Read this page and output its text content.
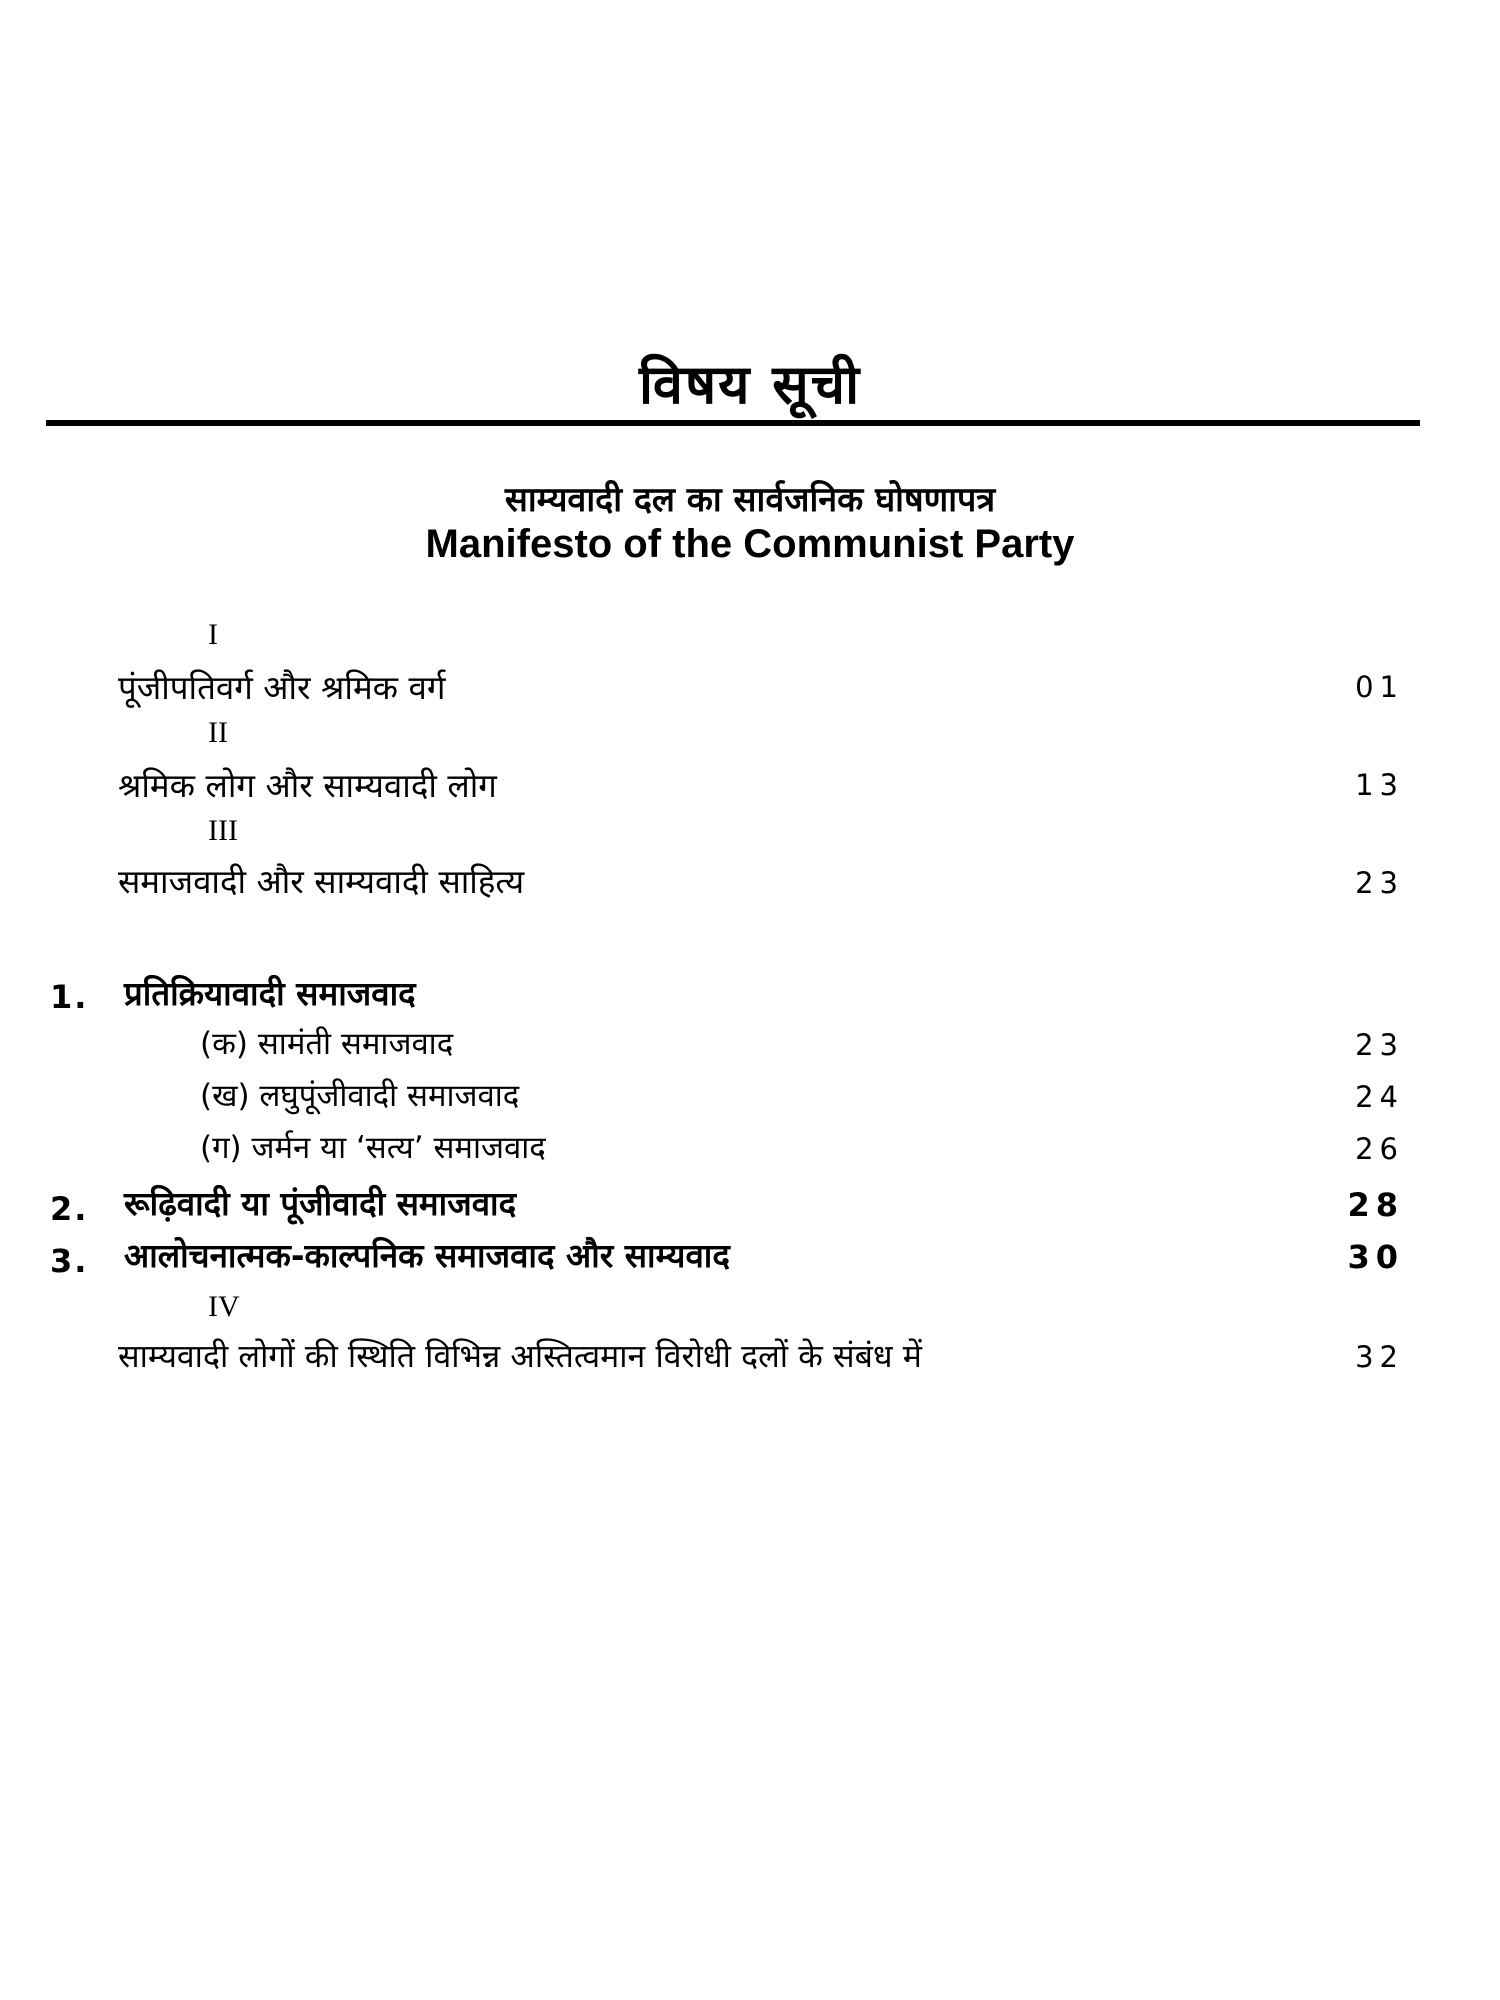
विषय सूची
साम्यवादी दल का सार्वजनिक घोषणापत्र
Manifesto of the Communist Party
I
पूंजीपतिवर्ग और श्रमिक वर्ग	01
II
श्रमिक लोग और साम्यवादी लोग	13
III
समाजवादी और साम्यवादी साहित्य	23
1. प्रतिक्रियावादी समाजवाद
(क) सामंती समाजवाद	23
(ख) लघुपूंजीवादी समाजवाद	24
(ग) जर्मन या ‘सत्य’ समाजवाद	26
2. रूढ़िवादी या पूंजीवादी समाजवाद	28
3. आलोचनात्मक-काल्पनिक समाजवाद और साम्यवाद	30
IV
साम्यवादी लोगों की स्थिति विभिन्न अस्तित्वमान विरोधी दलों के संबंध में	32
